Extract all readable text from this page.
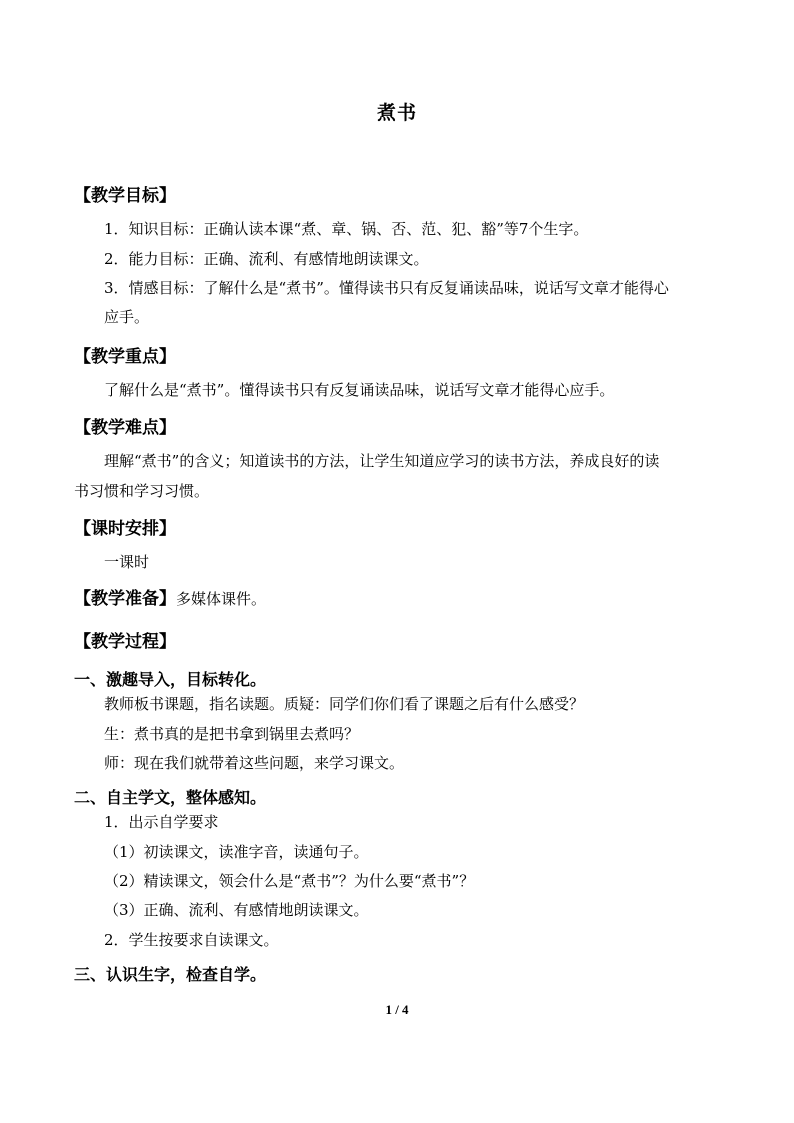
煮书
【教学目标】
1．知识目标：正确认读本课“煮、章、锅、否、范、犯、豁”等7个生字。
2．能力目标：正确、流利、有感情地朗读课文。
3．情感目标：了解什么是“煮书”。懂得读书只有反复诵读品味，说话写文章才能得心
应手。
【教学重点】
了解什么是“煮书”。懂得读书只有反复诵读品味，说话写文章才能得心应手。
【教学难点】
理解“煮书”的含义；知道读书的方法，让学生知道应学习的读书方法，养成良好的读
书习惯和学习习惯。
【课时安排】
一课时
【教学准备】多媒体课件。
【教学过程】
一、激趣导入，目标转化。
教师板书课题，指名读题。质疑：同学们你们看了课题之后有什么感受？
生：煮书真的是把书拿到锅里去煮吗？
师：现在我们就带着这些问题，来学习课文。
二、自主学文，整体感知。
1．出示自学要求
（1）初读课文，读准字音，读通句子。
（2）精读课文，领会什么是“煮书”？为什么要“煮书”？
（3）正确、流利、有感情地朗读课文。
2．学生按要求自读课文。
三、认识生字，检查自学。
1 / 4
